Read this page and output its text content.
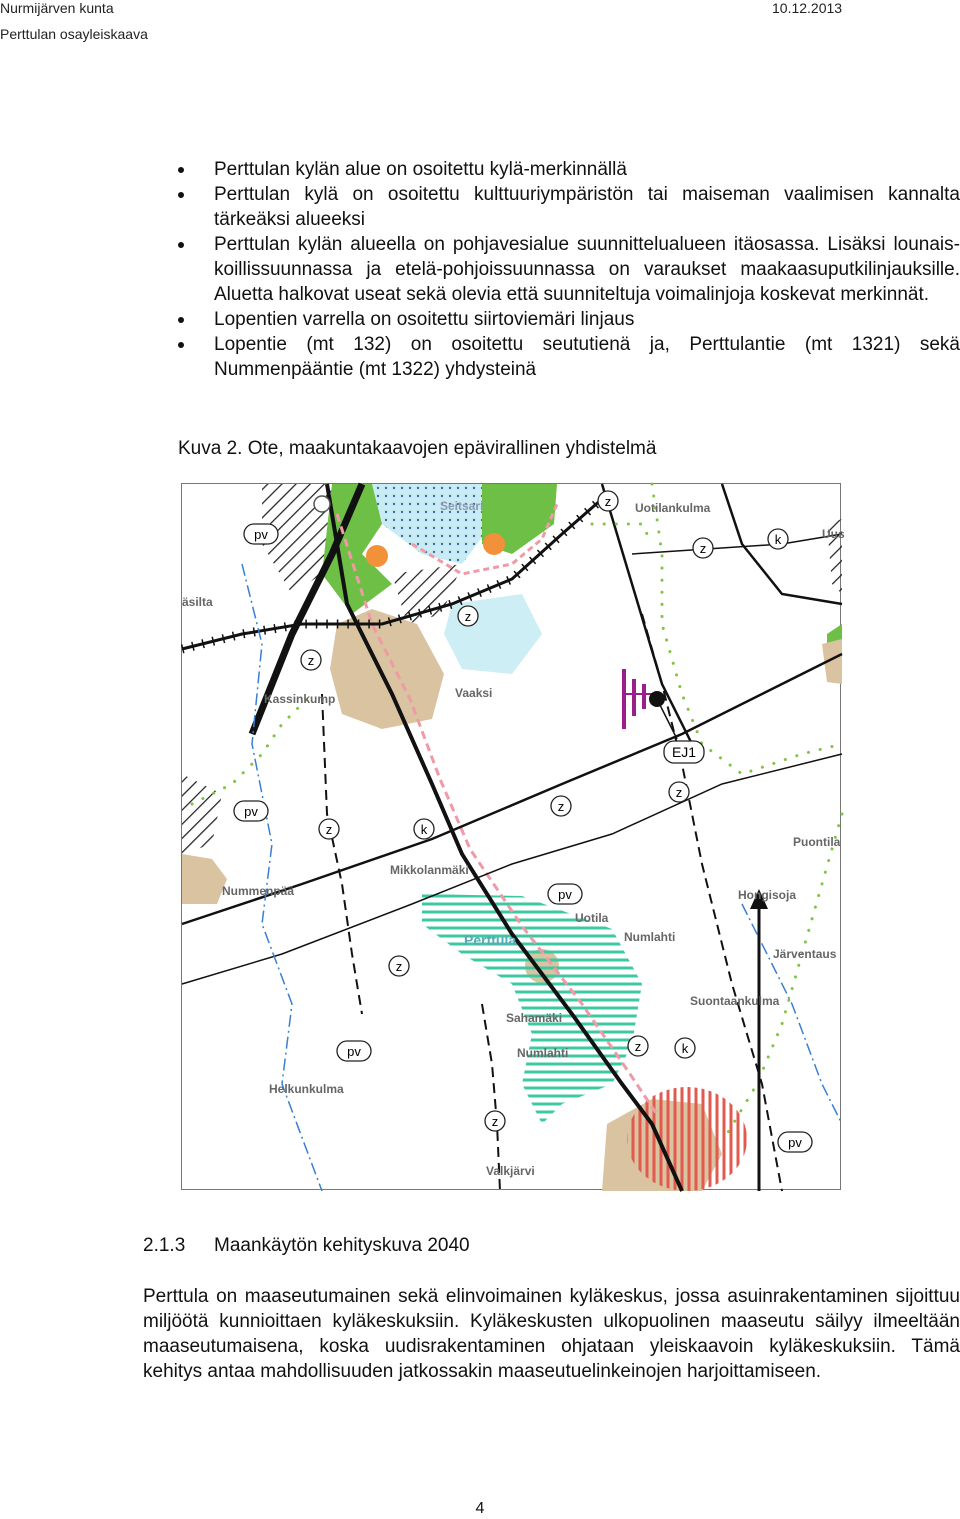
Nurmijärven kunta	10.12.2013
Perttulan osayleiskaava
Perttulan kylän alue on osoitettu kylä-merkinnällä
Perttulan kylä on osoitettu kulttuuriympäristön tai maiseman vaalimisen kannalta tärkeäksi alueeksi
Perttulan kylän alueella on pohjavesialue suunnittelualueen itäosassa. Lisäksi lounais-koillissuunnassa ja etelä-pohjoissuunnassa on varaukset maakaasuputkilinjauksille. Aluetta halkovat useat sekä olevia että suunniteltuja voimalinjoja koskevat merkinnät.
Lopentien varrella on osoitettu siirtoviemäri linjaus
Lopentie (mt 132) on osoitettu seututienä ja, Perttulantie (mt 1321) sekä Nummenpääntie (mt 1322) yhdysteinä
Kuva 2. Ote, maakuntakaavojen epävirallinen yhdistelmä
pv
pv
pv
pv
pv
z
z
z
z
z
z
z
z
z
z
k
k
k
EJ1
Seitsari	Uotilankulma
Uus
äsilta
Kassinkump	Vaaksi
Mikkolanmäki
Nummenpää
Uotila
Numlahti
Puontila
Hongisoja
Järventaus
Suontaankulma
Perttula
Sahamäki
Numlahti
Helkunkulma
Valkjärvi
2.1.3 Maankäytön kehityskuva 2040

Perttula on maaseutumainen sekä elinvoimainen kyläkeskus, jossa asuinrakentaminen sijoittuu miljöötä kunnioittaen kyläkeskuksiin. Kyläkeskusten ulkopuolinen maaseutu säilyy ilmeeltään maaseutumaisena, koska uudisrakentaminen ohjataan yleiskaavoin kyläkeskuksiin. Tämä kehitys antaa mahdollisuuden jatkossakin maaseutuelinkeinojen harjoittamiseen.

4
